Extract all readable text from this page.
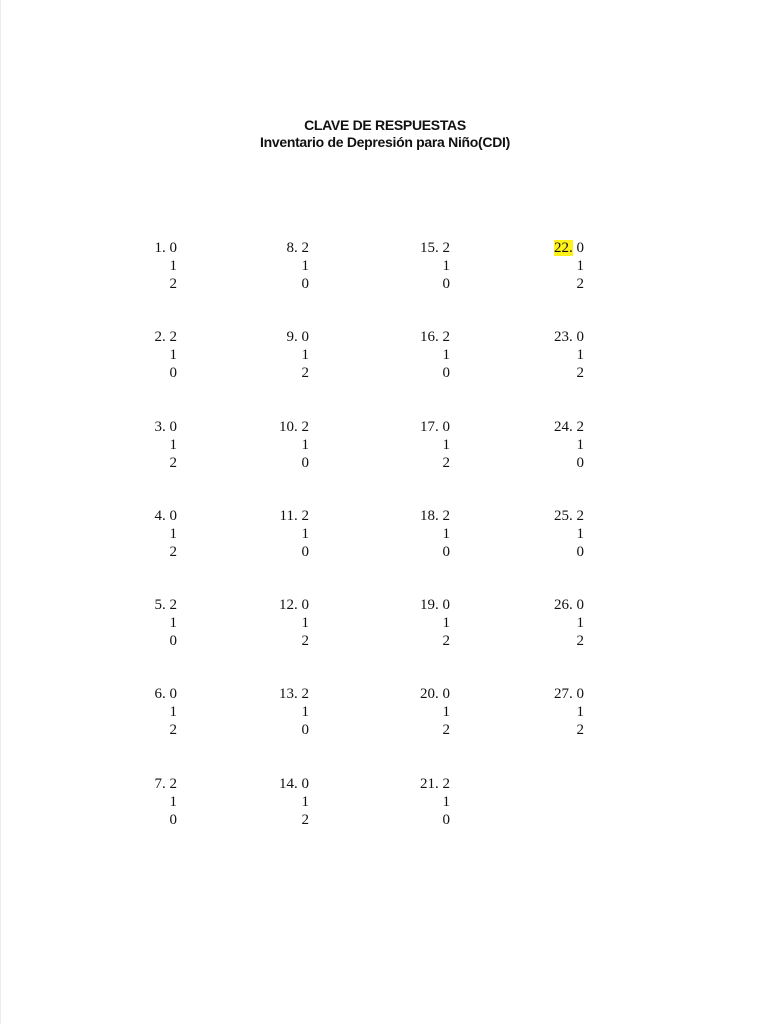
CLAVE DE RESPUESTAS
Inventario de Depresión para Niño(CDI)
1. 0
1
2
2. 2
1
0
3. 0
1
2
4. 0
1
2
5. 2
1
0
6. 0
1
2
7. 2
1
0
8. 2
1
0
9. 0
1
2
10. 2
1
0
11. 2
1
0
12. 0
1
2
13. 2
1
0
14. 0
1
2
15. 2
1
0
16. 2
1
0
17. 0
1
2
18. 2
1
0
19. 0
1
2
20. 0
1
2
21. 2
1
0
22. 0
1
2
23. 0
1
2
24. 2
1
0
25. 2
1
0
26. 0
1
2
27. 0
1
2
